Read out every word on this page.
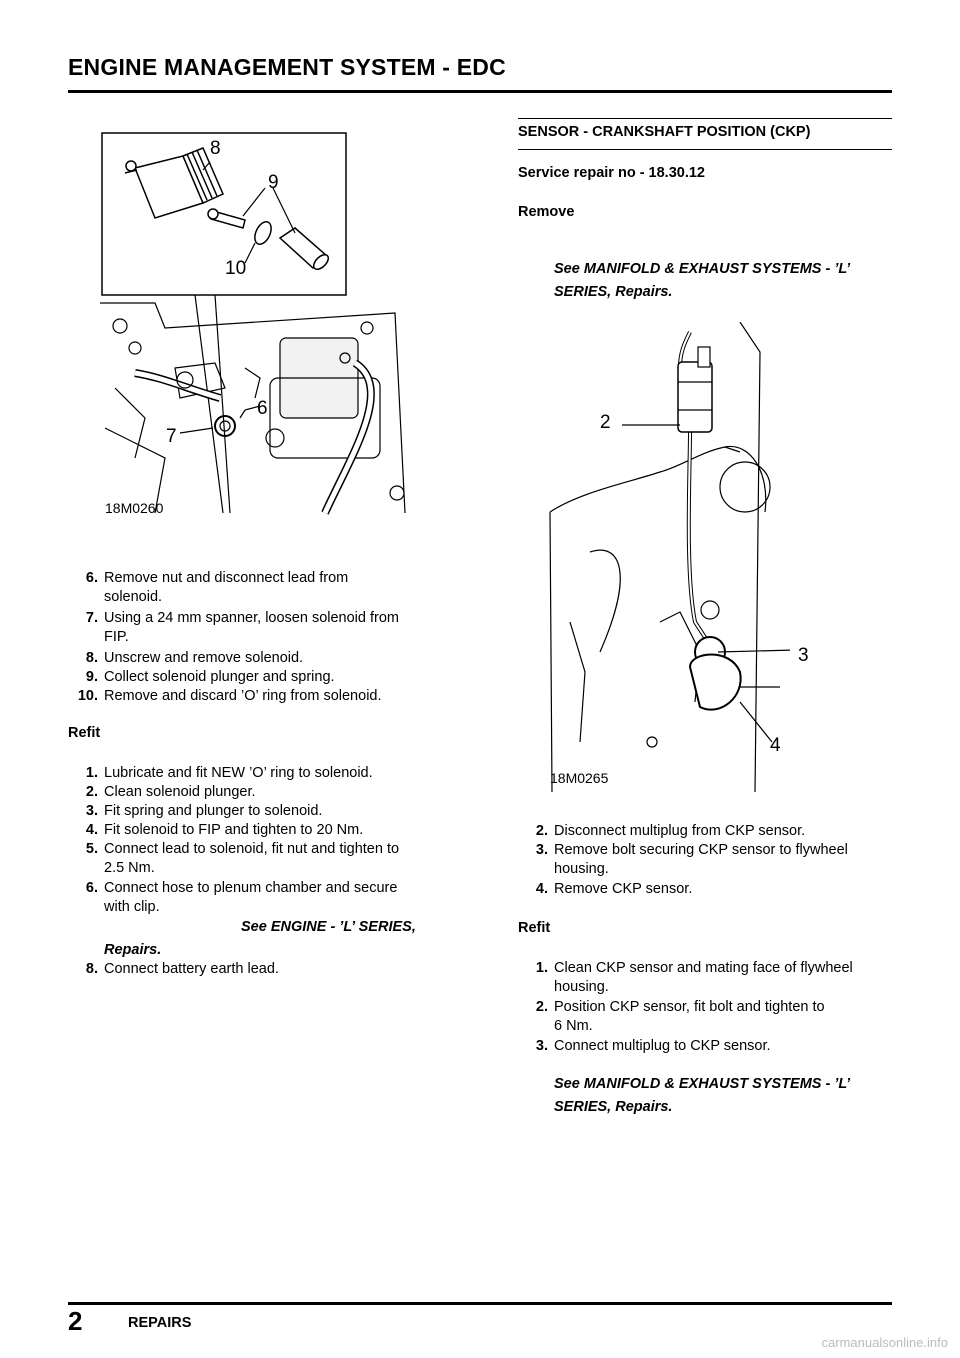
ENGINE MANAGEMENT SYSTEM - EDC
8
9
10
6
7
18M0260
6. Remove nut and disconnect lead from
solenoid.
7. Using a 24 mm spanner, loosen solenoid from
FIP.
8. Unscrew and remove solenoid.
9. Collect solenoid plunger and spring.
10. Remove and discard ’O’ ring from solenoid.
Refit
1. Lubricate and fit NEW ’O’ ring to solenoid.
2. Clean solenoid plunger.
3. Fit spring and plunger to solenoid.
4. Fit solenoid to FIP and tighten to 20 Nm.
5. Connect lead to solenoid, fit nut and tighten to
2.5 Nm.
6. Connect hose to plenum chamber and secure
with clip.
See ENGINE - ’L’ SERIES,
Repairs.
8. Connect battery earth lead.
SENSOR - CRANKSHAFT POSITION (CKP)
Service repair no - 18.30.12
Remove
See MANIFOLD & EXHAUST SYSTEMS - ’L’
SERIES, Repairs.
2
3
4
18M0265
2. Disconnect multiplug from CKP sensor.
3. Remove bolt securing CKP sensor to flywheel
housing.
4. Remove CKP sensor.
Refit
1. Clean CKP sensor and mating face of flywheel
housing.
2. Position CKP sensor, fit bolt and tighten to
6 Nm.
3. Connect multiplug to CKP sensor.
See MANIFOLD & EXHAUST SYSTEMS - ’L’
SERIES, Repairs.
2	REPAIRS
carmanualsonline.info
